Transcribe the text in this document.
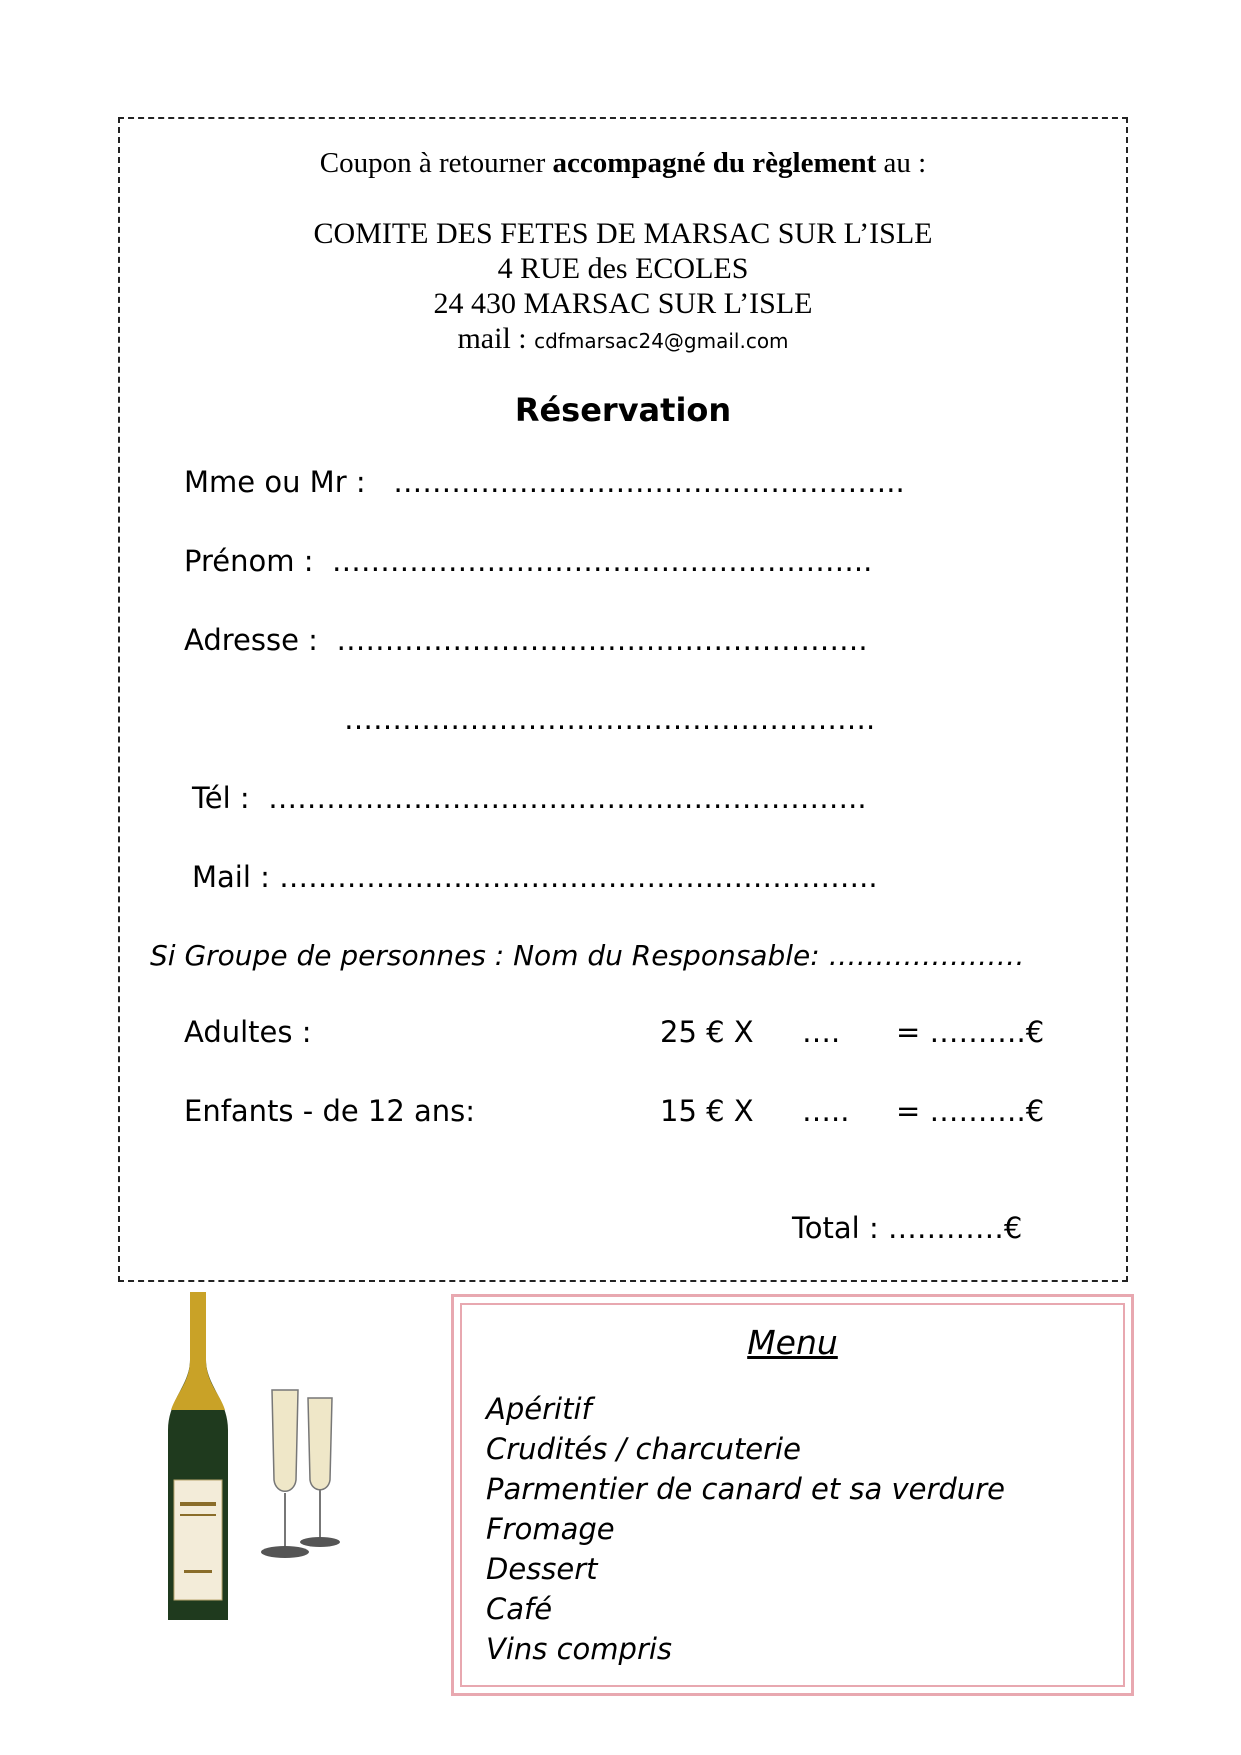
Coupon à retourner accompagné du règlement au :
COMITE DES FETES DE MARSAC SUR L’ISLE
4 RUE des ECOLES
24 430 MARSAC SUR L’ISLE
mail : cdfmarsac24@gmail.com
Réservation
Mme ou Mr : ……………………………………………..
Prénom : ………………………………………………..
Adresse : ……………………………………………….
……………………………………………….
Tél : ……………………………………………………..
Mail : ……………………………………………………..
Si Groupe de personnes : Nom du Responsable: …………………
Adultes :	25 € X …. = ……….€
Enfants - de 12 ans:	15 € X ….. = ……….€
Total : …………€
Menu
Apéritif
Crudités / charcuterie
Parmentier de canard et sa verdure
Fromage
Dessert
Café
Vins compris
